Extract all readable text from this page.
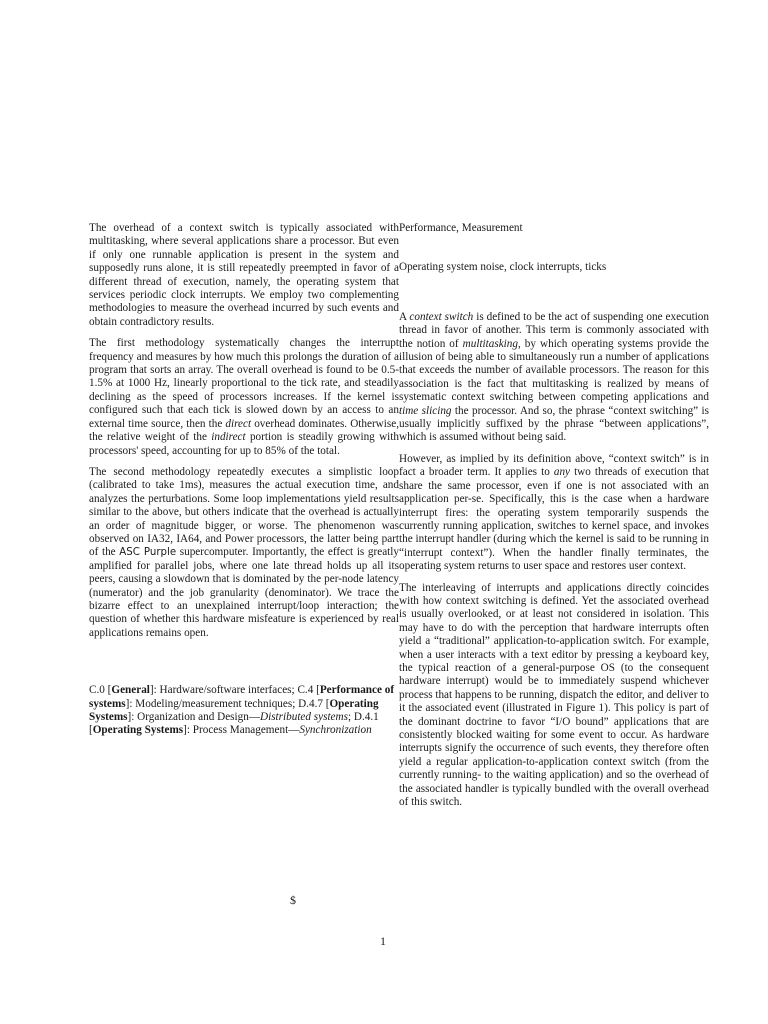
The overhead of a context switch is typically associated with multitasking, where several applications share a processor. But even if only one runnable application is present in the system and supposedly runs alone, it is still repeatedly preempted in favor of a different thread of execution, namely, the operating system that services periodic clock interrupts. We employ two complementing methodologies to measure the overhead incurred by such events and obtain contradictory results.

The first methodology systematically changes the interrupt frequency and measures by how much this prolongs the duration of a program that sorts an array. The overall overhead is found to be 0.5-1.5% at 1000 Hz, linearly proportional to the tick rate, and steadily declining as the speed of processors increases. If the kernel is configured such that each tick is slowed down by an access to an external time source, then the direct overhead dominates. Otherwise, the relative weight of the indirect portion is steadily growing with processors' speed, accounting for up to 85% of the total.

The second methodology repeatedly executes a simplistic loop (calibrated to take 1ms), measures the actual execution time, and analyzes the perturbations. Some loop implementations yield results similar to the above, but others indicate that the overhead is actually an order of magnitude bigger, or worse. The phenomenon was observed on IA32, IA64, and Power processors, the latter being part of the ASC Purple supercomputer. Importantly, the effect is greatly amplified for parallel jobs, where one late thread holds up all its peers, causing a slowdown that is dominated by the per-node latency (numerator) and the job granularity (denominator). We trace the bizarre effect to an unexplained interrupt/loop interaction; the question of whether this hardware misfeature is experienced by real applications remains open.

C.0 [General]: Hardware/software interfaces; C.4 [Performance of systems]: Modeling/measurement techniques; D.4.7 [Operating Systems]: Organization and Design—Distributed systems; D.4.1 [Operating Systems]: Process Management—Synchronization

$

Performance, Measurement

Operating system noise, clock interrupts, ticks

A context switch is defined to be the act of suspending one execution thread in favor of another. This term is commonly associated with the notion of multitasking, by which operating systems provide the illusion of being able to simultaneously run a number of applications that exceeds the number of available processors. The reason for this association is the fact that multitasking is realized by means of systematic context switching between competing applications and time slicing the processor. And so, the phrase “context switching” is usually implicitly suffixed by the phrase “between applications”, which is assumed without being said.

However, as implied by its definition above, “context switch” is in fact a broader term. It applies to any two threads of execution that share the same processor, even if one is not associated with an application per-se. Specifically, this is the case when a hardware interrupt fires: the operating system temporarily suspends the currently running application, switches to kernel space, and invokes the interrupt handler (during which the kernel is said to be running in “interrupt context”). When the handler finally terminates, the operating system returns to user space and restores user context.

The interleaving of interrupts and applications directly coincides with how context switching is defined. Yet the associated overhead is usually overlooked, or at least not considered in isolation. This may have to do with the perception that hardware interrupts often yield a “traditional” application-to-application switch. For example, when a user interacts with a text editor by pressing a keyboard key, the typical reaction of a general-purpose OS (to the consequent hardware interrupt) would be to immediately suspend whichever process that happens to be running, dispatch the editor, and deliver to it the associated event (illustrated in Figure 1). This policy is part of the dominant doctrine to favor “I/O bound” applications that are consistently blocked waiting for some event to occur. As hardware interrupts signify the occurrence of such events, they therefore often yield a regular application-to-application context switch (from the currently running- to the waiting application) and so the overhead of the associated handler is typically bundled with the overall overhead of this switch.

1
